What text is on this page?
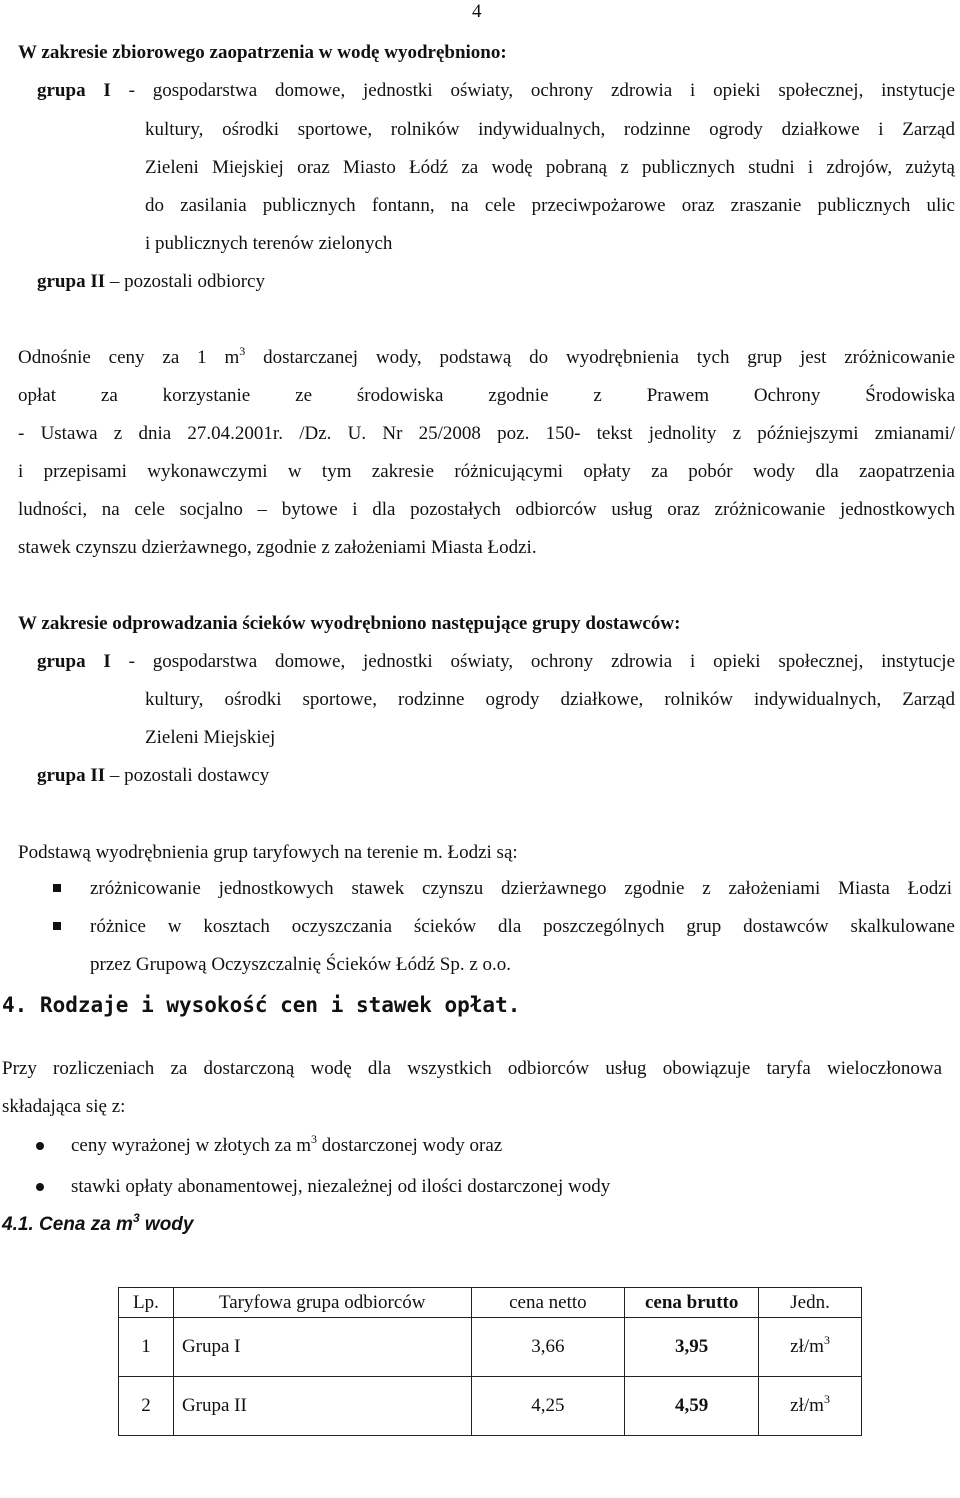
4
W zakresie zbiorowego zaopatrzenia w wodę wyodrębniono:
grupa I - gospodarstwa domowe, jednostki oświaty, ochrony zdrowia i opieki społecznej, instytucje
kultury, ośrodki sportowe, rolników indywidualnych, rodzinne ogrody działkowe i Zarząd
Zieleni Miejskiej oraz Miasto Łódź za wodę pobraną z publicznych studni i zdrojów, zużytą
do zasilania publicznych fontann, na cele przeciwpożarowe oraz zraszanie publicznych ulic
i publicznych terenów zielonych
grupa II – pozostali odbiorcy
Odnośnie ceny za 1 $m^3$ dostarczanej wody, podstawą do wyodrębnienia tych grup jest zróżnicowanie
opłat za korzystanie ze środowiska zgodnie z Prawem Ochrony Środowiska
- Ustawa z dnia 27.04.2001r. /Dz. U. Nr 25/2008 poz. 150- tekst jednolity z późniejszymi zmianami/
i przepisami wykonawczymi w tym zakresie różnicującymi opłaty za pobór wody dla zaopatrzenia
ludności, na cele socjalno – bytowe i dla pozostałych odbiorców usług oraz zróżnicowanie jednostkowych
stawek czynszu dzierżawnego, zgodnie z założeniami Miasta Łodzi.
W zakresie odprowadzania ścieków wyodrębniono następujące grupy dostawców:
grupa I - gospodarstwa domowe, jednostki oświaty, ochrony zdrowia i opieki społecznej, instytucje
kultury, ośrodki sportowe, rodzinne ogrody działkowe, rolników indywidualnych, Zarząd
Zieleni Miejskiej
grupa II – pozostali dostawcy
Podstawą wyodrębnienia grup taryfowych na terenie m. Łodzi są:
zróżnicowanie jednostkowych stawek czynszu dzierżawnego zgodnie z założeniami Miasta Łodzi
różnice w kosztach oczyszczania ścieków dla poszczególnych grup dostawców skalkulowane
przez Grupową Oczyszczalnię Ścieków Łódź Sp. z o.o.
4. Rodzaje i wysokość cen i stawek opłat.
Przy rozliczeniach za dostarczoną wodę dla wszystkich odbiorców usług obowiązuje taryfa wieloczłonowa
składająca się z:
ceny wyrażonej w złotych za $m^3$ dostarczonej wody oraz
stawki opłaty abonamentowej, niezależnej od ilości dostarczonej wody
4.1. Cena za $m^3$ wody
Lp.	Taryfowa grupa odbiorców	cena netto	cena brutto	Jedn.
1	Grupa I	3,66	3,95	$zł/m^3$
2	Grupa II	4,25	4,59	$zł/m^3$
